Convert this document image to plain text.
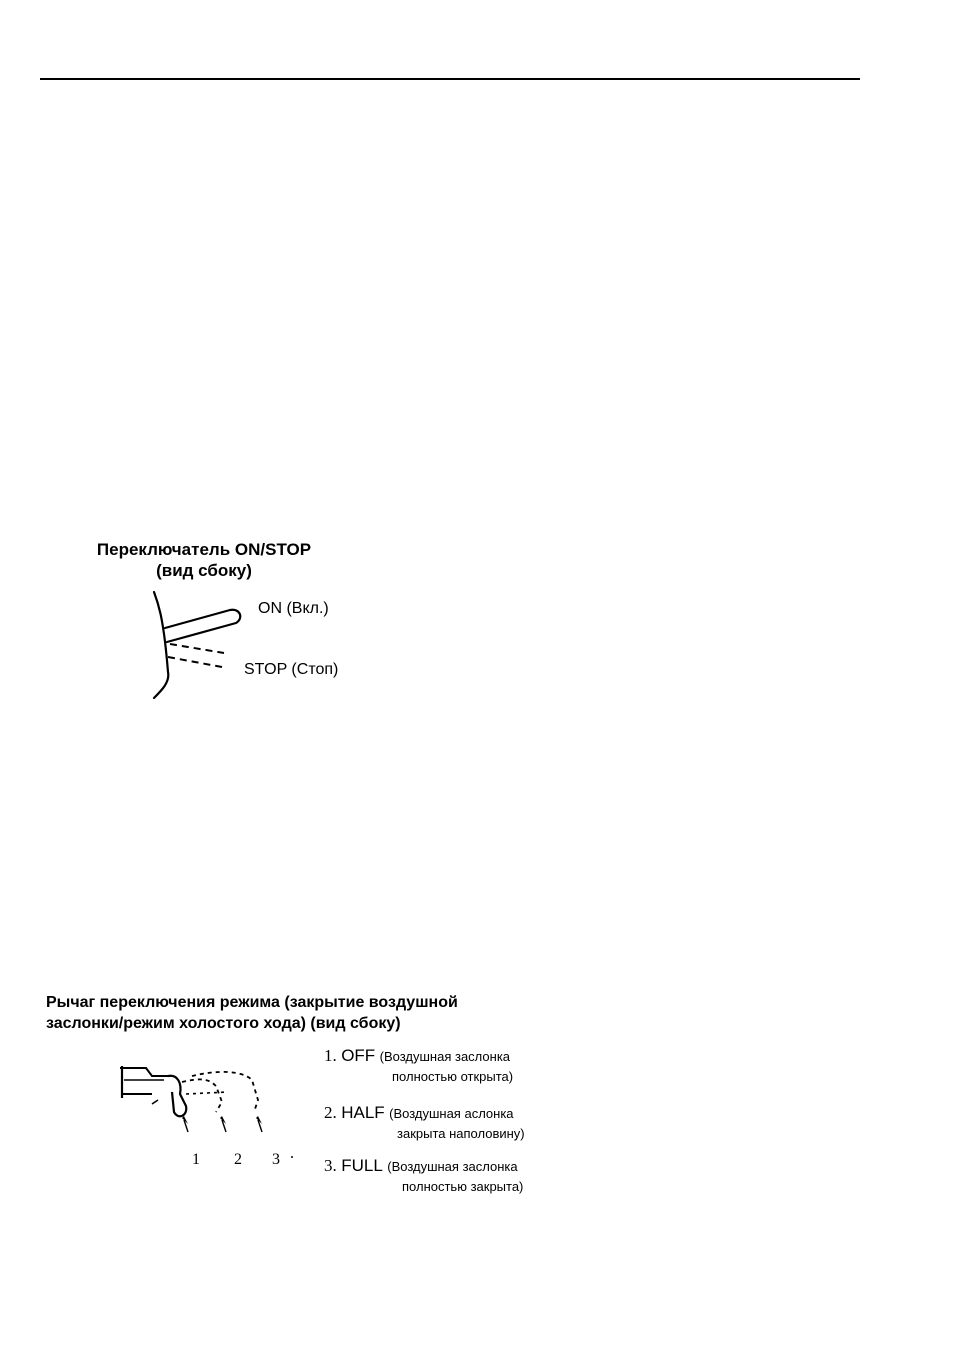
Переключатель ON/STOP
(вид сбоку)
ON (Вкл.)
STOP (Стоп)
Рычаг переключения режима (закрытие воздушной
заслонки/режим холостого хода) (вид сбоку)
1 2 3
1. OFF (Воздушная заслонка
полностью открыта)
2. HALF (Воздушная аслонка
закрыта наполовину)
3. FULL (Воздушная заслонка
полностью закрыта)
